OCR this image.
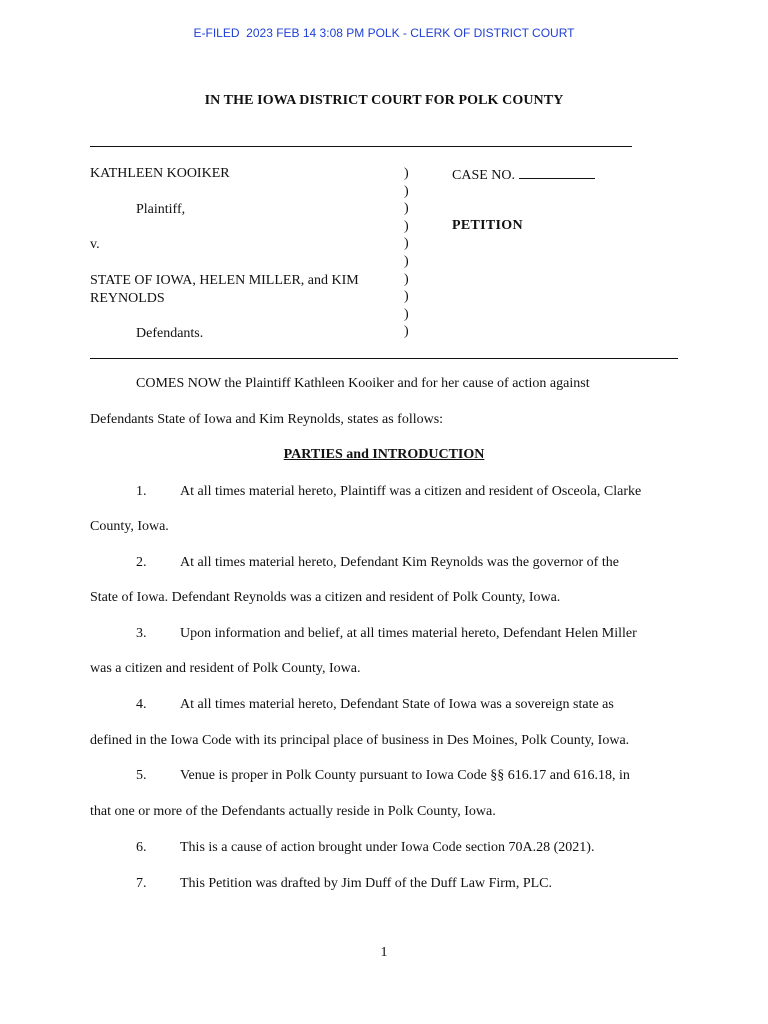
E-FILED  2023 FEB 14 3:08 PM POLK - CLERK OF DISTRICT COURT
IN THE IOWA DISTRICT COURT FOR POLK COUNTY
KATHLEEN KOOIKER
Plaintiff,
v.
STATE OF IOWA, HELEN MILLER, and KIM
REYNOLDS
Defendants.
)
)
)
)
)
)
)
)
)
)
CASE NO.
PETITION
COMES NOW the Plaintiff Kathleen Kooiker and for her cause of action against
Defendants State of Iowa and Kim Reynolds, states as follows:
PARTIES and INTRODUCTION
1.	At all times material hereto, Plaintiff was a citizen and resident of Osceola, Clarke
County, Iowa.
2.	At all times material hereto, Defendant Kim Reynolds was the governor of the
State of Iowa. Defendant Reynolds was a citizen and resident of Polk County, Iowa.
3.	Upon information and belief, at all times material hereto, Defendant Helen Miller
was a citizen and resident of Polk County, Iowa.
4.	At all times material hereto, Defendant State of Iowa was a sovereign state as
defined in the Iowa Code with its principal place of business in Des Moines, Polk County, Iowa.
5.	Venue is proper in Polk County pursuant to Iowa Code §§ 616.17 and 616.18, in
that one or more of the Defendants actually reside in Polk County, Iowa.
6.	This is a cause of action brought under Iowa Code section 70A.28 (2021).
7.	This Petition was drafted by Jim Duff of the Duff Law Firm, PLC.
1
